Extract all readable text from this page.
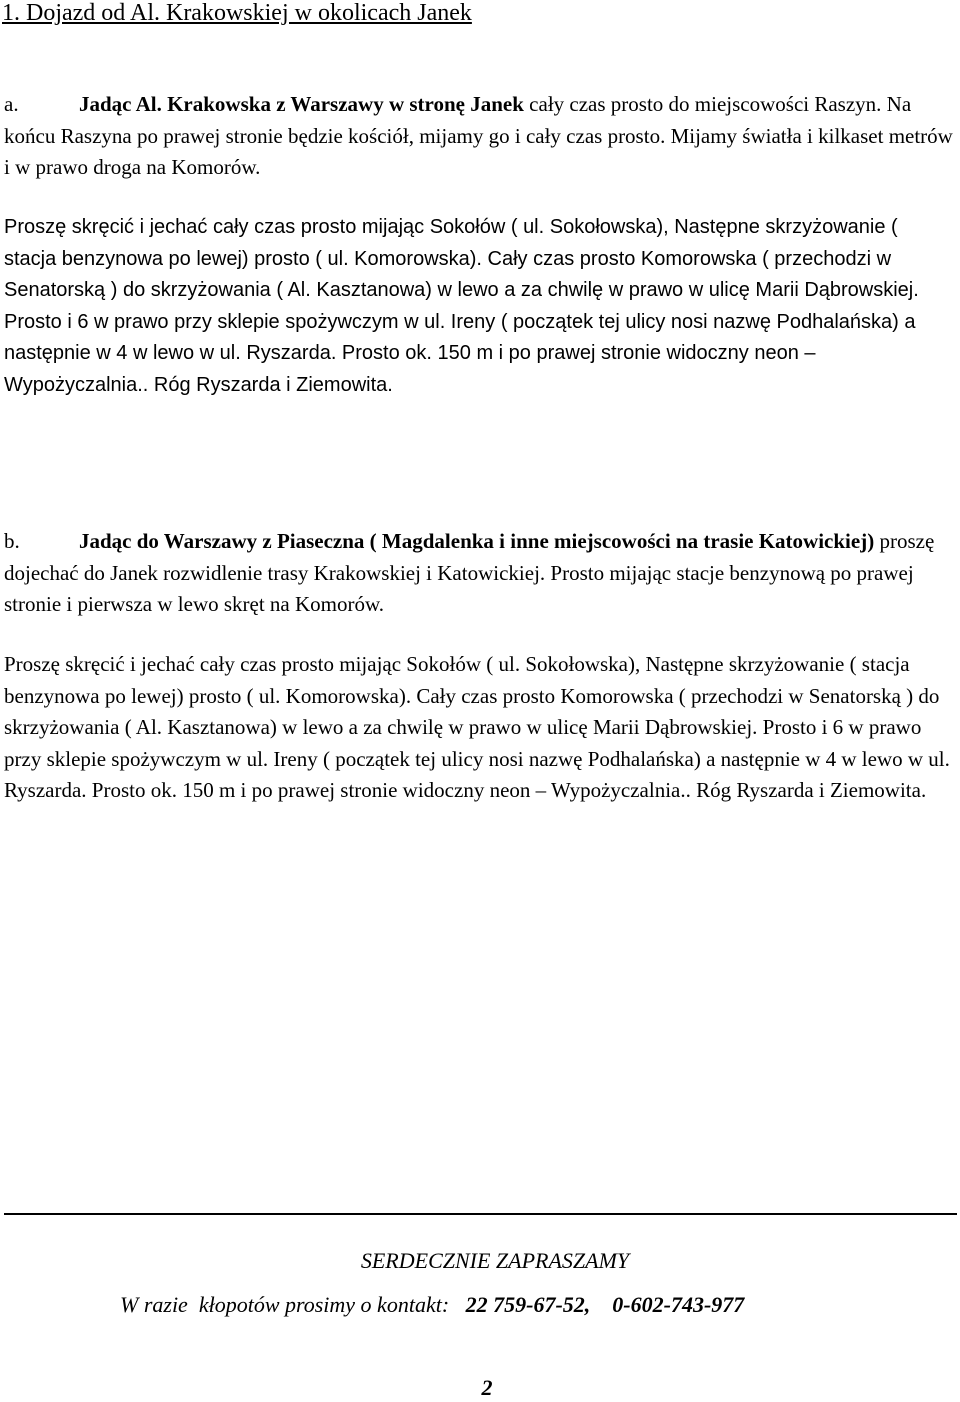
1. Dojazd od Al. Krakowskiej w okolicach Janek

a.	Jadąc Al. Krakowska z Warszawy w stronę Janek cały czas prosto do miejscowości Raszyn. Na końcu Raszyna po prawej stronie będzie kościół, mijamy go i cały czas prosto. Mijamy światła i kilkaset metrów i w prawo droga na Komorów.

Proszę skręcić i jechać cały czas prosto mijając Sokołów ( ul. Sokołowska), Następne skrzyżowanie ( stacja benzynowa po lewej) prosto ( ul. Komorowska). Cały czas prosto Komorowska ( przechodzi w Senatorską ) do skrzyżowania ( Al. Kasztanowa) w lewo a za chwilę w prawo w ulicę Marii Dąbrowskiej. Prosto i 6 w prawo przy sklepie spożywczym w ul. Ireny ( początek tej ulicy nosi nazwę Podhalańska) a następnie w 4 w lewo w ul. Ryszarda. Prosto ok. 150 m i po prawej stronie widoczny neon – Wypożyczalnia.. Róg Ryszarda i Ziemowita.

b.	Jadąc do Warszawy z Piaseczna ( Magdalenka i inne miejscowości na trasie Katowickiej) proszę dojechać do Janek rozwidlenie trasy Krakowskiej i Katowickiej. Prosto mijając stacje benzynową po prawej stronie i pierwsza w lewo skręt na Komorów.

Proszę skręcić i jechać cały czas prosto mijając Sokołów ( ul. Sokołowska), Następne skrzyżowanie ( stacja benzynowa po lewej) prosto ( ul. Komorowska). Cały czas prosto Komorowska ( przechodzi w Senatorską ) do skrzyżowania ( Al. Kasztanowa) w lewo a za chwilę w prawo w ulicę Marii Dąbrowskiej. Prosto i 6 w prawo przy sklepie spożywczym w ul. Ireny ( początek tej ulicy nosi nazwę Podhalańska) a następnie w 4 w lewo w ul. Ryszarda. Prosto ok. 150 m i po prawej stronie widoczny neon – Wypożyczalnia.. Róg Ryszarda i Ziemowita.

SERDECZNIE ZAPRASZAMY
W razie  kłopotów prosimy o kontakt:   22 759-67-52, 0-602-743-977
2
